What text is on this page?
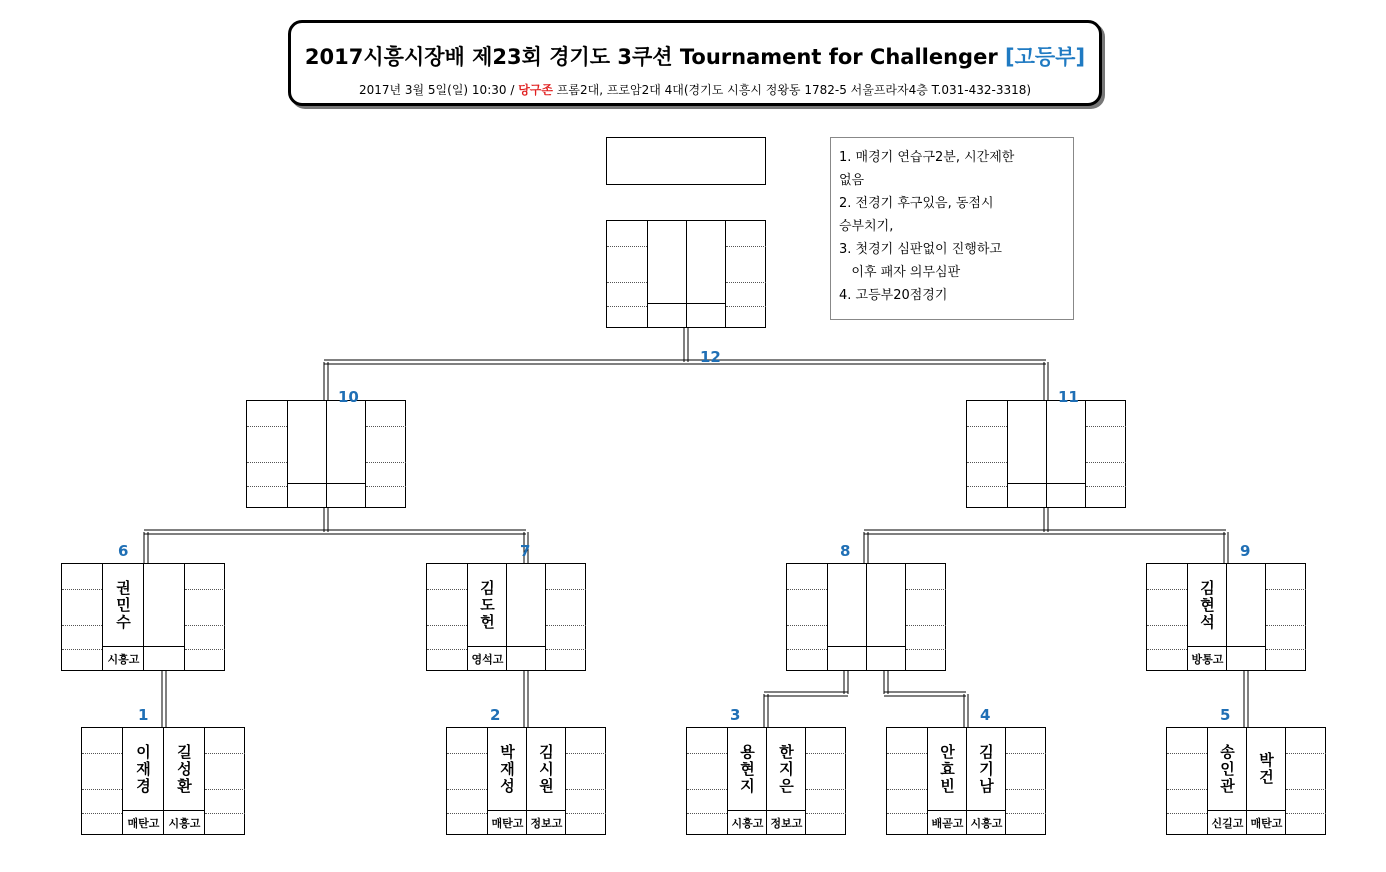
2017시흥시장배 제23회 경기도 3쿠션 Tournament for Challenger [고등부]
2017년 3월 5일(일) 10:30 / 당구존 프롬2대, 프로암2대 4대(경기도 시흥시 정왕동 1782-5 서울프라자4층 T.031-432-3318)
1. 매경기 연습구2분, 시간제한
없음
2. 전경기 후구있음, 동점시
승부치기,
3. 첫경기 심판없이 진행하고
이후 패자 의무심판
4. 고등부20점경기
12
10	11
권민수
시흥고
6
김도헌
영석고
7	8
김현석
방통고
9
이재경
매탄고
길성환
시흥고
1
박재성
매탄고
김시원
정보고
2
용현지
시흥고
한지은
정보고
3
안효빈
배곧고
김기남
시흥고
4
송인관
신길고
박건
매탄고
5
